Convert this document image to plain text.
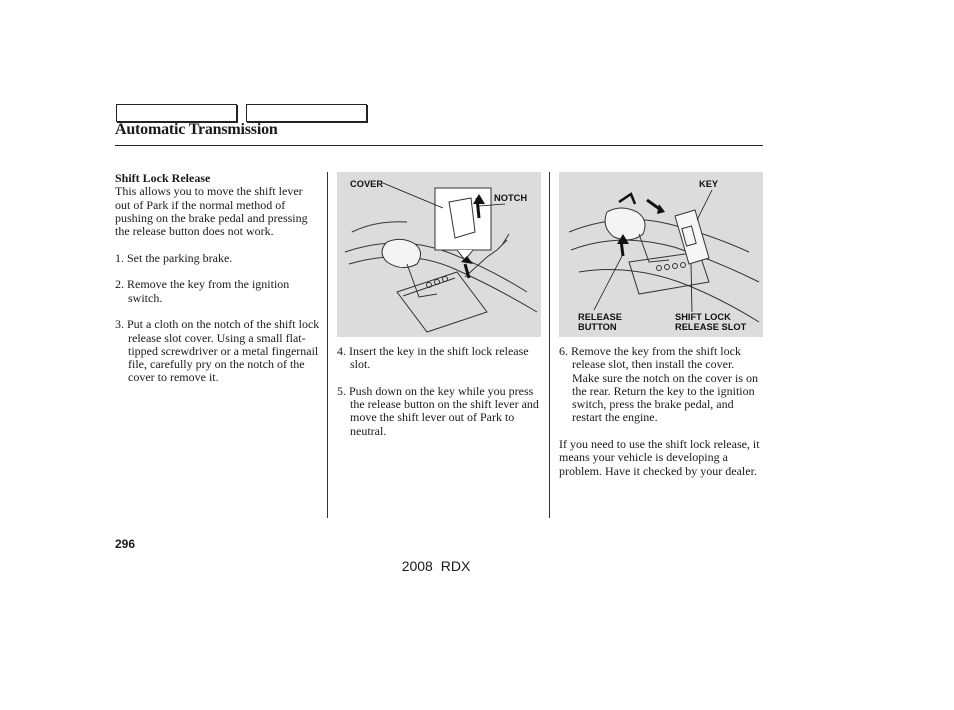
Automatic Transmission
Shift Lock Release

This allows you to move the shift lever out of Park if the normal method of pushing on the brake pedal and pressing the release button does not work.

1. Set the parking brake.

2. Remove the key from the ignition switch.

3. Put a cloth on the notch of the shift lock release slot cover. Using a small flat-tipped screwdriver or a metal fingernail file, carefully pry on the notch of the cover to remove it.

COVER
NOTCH

4. Insert the key in the shift lock release slot.

5. Push down on the key while you press the release button on the shift lever and move the shift lever out of Park to neutral.

KEY
RELEASE
BUTTON
SHIFT LOCK
RELEASE SLOT

6. Remove the key from the shift lock release slot, then install the cover. Make sure the notch on the cover is on the rear. Return the key to the ignition switch, press the brake pedal, and restart the engine.

If you need to use the shift lock release, it means your vehicle is developing a problem. Have it checked by your dealer.

296
2008 RDX
